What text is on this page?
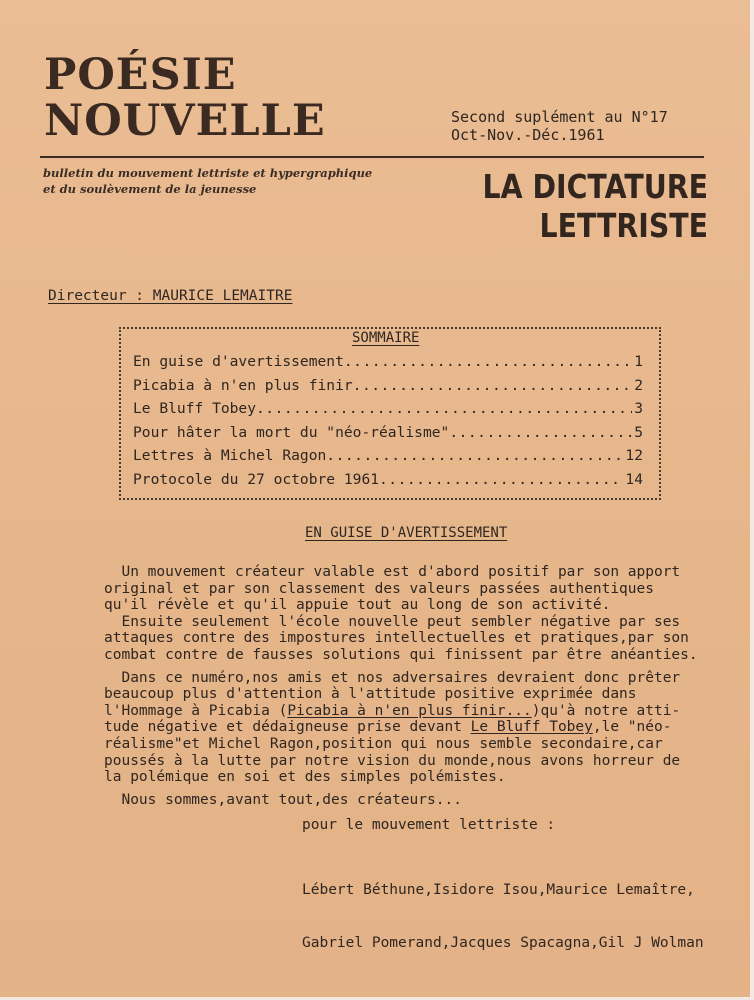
POÉSIE
NOUVELLE	Second suplément au N°17
Oct-Nov.-Déc.1961
bulletin du mouvement lettriste et hypergraphique
et du soulèvement de la jeunesse	LA DICTATURE
LETTRISTE
Directeur : MAURICE LEMAITRE
SOMMAIRE
En guise d'avertissement .....	1
Picabia à n'en plus finir .....	2
Le Bluff Tobey .....	3
Pour hâter la mort du "néo-réalisme" .....	5
Lettres à Michel Ragon .....	12
Protocole du 27 octobre 1961 .....	14
EN GUISE D'AVERTISSEMENT

Un mouvement créateur valable est d'abord positif par son apport

original et par son classement des valeurs passées authentiques

qu'il révèle et qu'il appuie tout au long de son activité.

Ensuite seulement l'école nouvelle peut sembler négative par ses

attaques contre des impostures intellectuelles et pratiques,par son

combat contre de fausses solutions qui finissent par être anéanties.

Dans ce numéro,nos amis et nos adversaires devraient donc prêter

beaucoup plus d'attention à l'attitude positive exprimée dans

l'Hommage à Picabia (Picabia à n'en plus finir...)qu'à notre atti-

tude négative et dédaigneuse prise devant Le Bluff Tobey,le "néo-

réalisme"et Michel Ragon,position qui nous semble secondaire,car

poussés à la lutte par notre vision du monde,nous avons horreur de

la polémique en soi et des simples polémistes.

Nous sommes,avant tout,des créateurs...

pour le mouvement lettriste :

Lébert Béthune,Isidore Isou,Maurice Lemaître,

Gabriel Pomerand,Jacques Spacagna,Gil J Wolman
